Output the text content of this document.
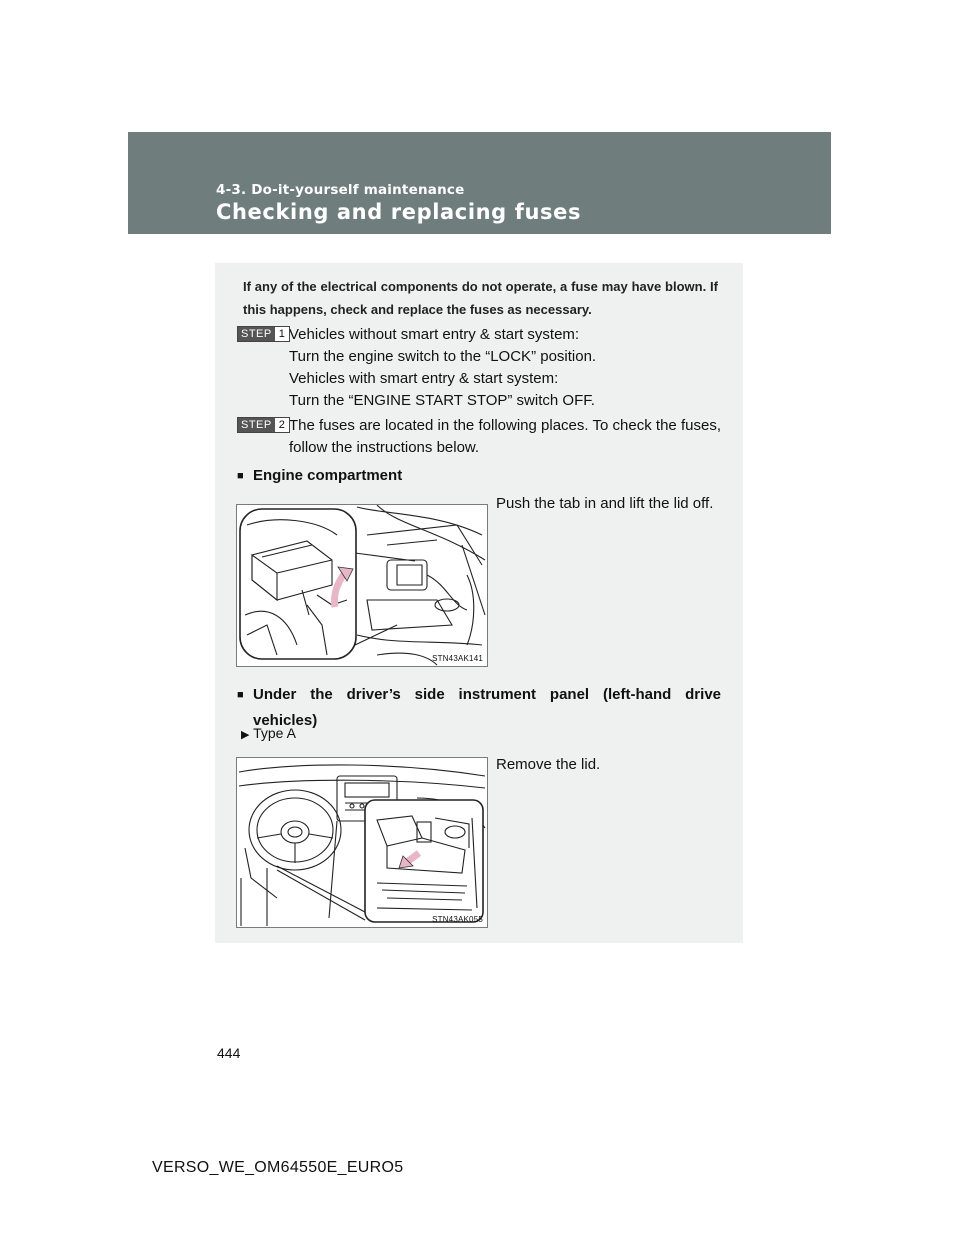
4-3. Do-it-yourself maintenance
Checking and replacing fuses
If any of the electrical components do not operate, a fuse may have blown. If this happens, check and replace the fuses as necessary.
STEP 1 Vehicles without smart entry & start system:
Turn the engine switch to the “LOCK” position.
Vehicles with smart entry & start system:
Turn the “ENGINE START STOP” switch OFF.
STEP 2 The fuses are located in the following places. To check the fuses, follow the instructions below.
■ Engine compartment
Push the tab in and lift the lid off.
STN43AK141
■ Under the driver’s side instrument panel (left-hand drive vehicles)
▶ Type A
Remove the lid.
STN43AK055
444
VERSO_WE_OM64550E_EURO5
